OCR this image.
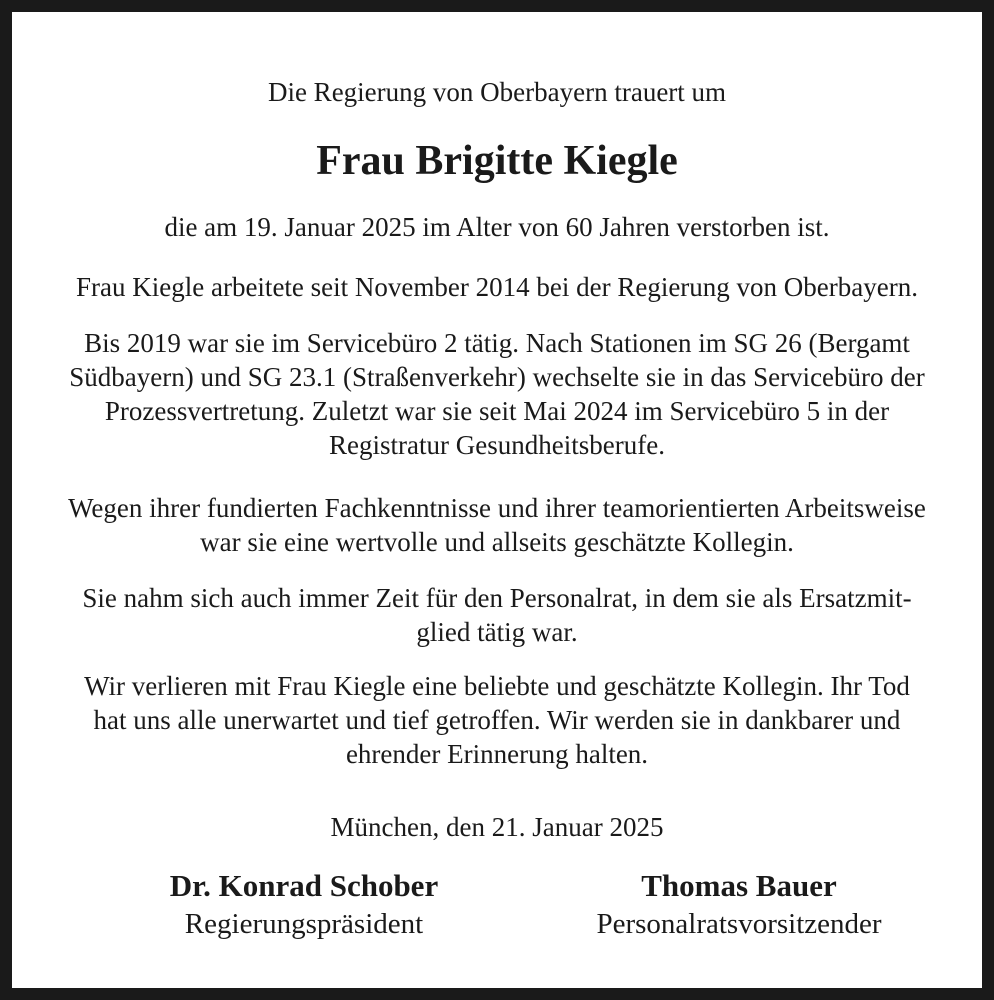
Die Regierung von Oberbayern trauert um

Frau Brigitte Kiegle

die am 19. Januar 2025 im Alter von 60 Jahren verstorben ist.

Frau Kiegle arbeitete seit November 2014 bei der Regierung von Oberbayern.

Bis 2019 war sie im Servicebüro 2 tätig. Nach Stationen im SG 26 (Bergamt
Südbayern) und SG 23.1 (Straßenverkehr) wechselte sie in das Servicebüro der
Prozessvertretung. Zuletzt war sie seit Mai 2024 im Servicebüro 5 in der
Registratur Gesundheitsberufe.

Wegen ihrer fundierten Fachkenntnisse und ihrer teamorientierten Arbeitsweise
war sie eine wertvolle und allseits geschätzte Kollegin.

Sie nahm sich auch immer Zeit für den Personalrat, in dem sie als Ersatzmit-
glied tätig war.

Wir verlieren mit Frau Kiegle eine beliebte und geschätzte Kollegin. Ihr Tod
hat uns alle unerwartet und tief getroffen. Wir werden sie in dankbarer und
ehrender Erinnerung halten.

München, den 21. Januar 2025

Dr. Konrad Schober

Regierungspräsident

Thomas Bauer

Personalratsvorsitzender
